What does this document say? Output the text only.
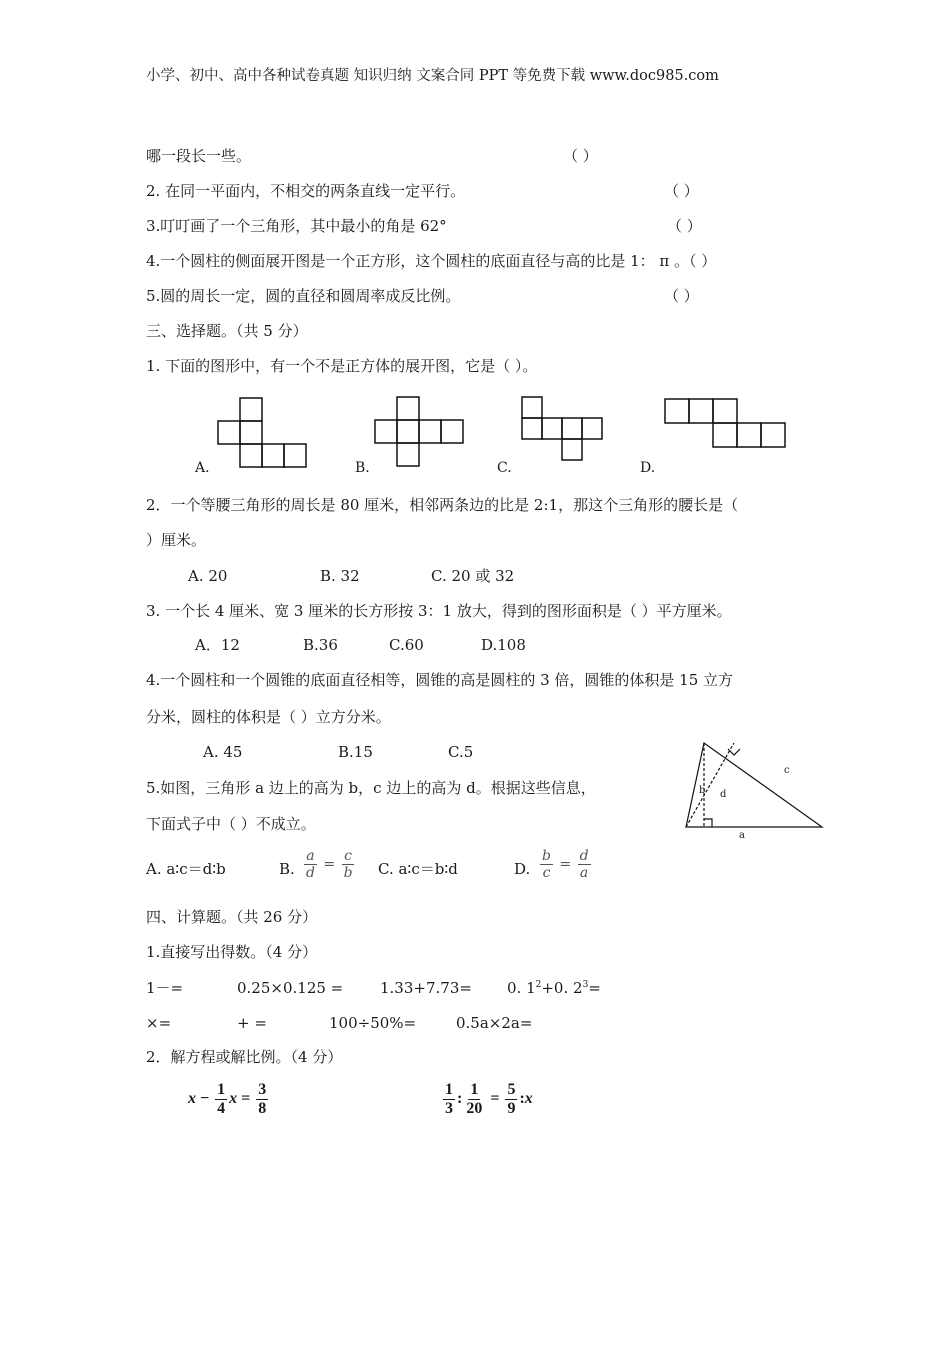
小学、初中、高中各种试卷真题 知识归纳 文案合同 PPT 等免费下载 www.doc985.com
哪一段长一些。	（ ）
2. 在同一平面内，不相交的两条直线一定平行。	（ ）
3.叮叮画了一个三角形，其中最小的角是 62°	（ ）
4.一个圆柱的侧面展开图是一个正方形，这个圆柱的底面直径与高的比是 1： π 。（ ）
5.圆的周长一定，圆的直径和圆周率成反比例。	（ ）
三、选择题。（共 5 分）
1. 下面的图形中，有一个不是正方体的展开图，它是（ ）。
A.	B.	C.	D.
2．一个等腰三角形的周长是 80 厘米，相邻两条边的比是 2:1，那这个三角形的腰长是（
）厘米。
A. 20	B. 32	C. 20 或 32
3. 一个长 4 厘米、宽 3 厘米的长方形按 3：1 放大，得到的图形面积是（ ）平方厘米。
A．12	B.36	C.60	D.108
4.一个圆柱和一个圆锥的底面直径相等，圆锥的高是圆柱的 3 倍，圆锥的体积是 15 立方
分米，圆柱的体积是（ ）立方分米。
A. 45	B.15	C.5
5.如图，三角形 a 边上的高为 b，c 边上的高为 d。根据这些信息，
下面式子中（ ）不成立。
b d
c
a
A. a∶c＝d∶b	B. $\frac{a}{d} = \frac{c}{b} C$. a∶c＝b∶d	D. $\frac{b}{c} = \frac{d}{a}$
四、计算题。（共 26 分）
1.直接写出得数。（4 分）
1－=	0.25×0.125 = 1.33+7.73= 0. $1^2+0$. $2^3=$
×=	+ =	100÷50%=	0.5a×2a=
2．解方程或解比例。（4 分）
$x - \frac{1}{4}$ $x = \frac{3}{8}$	$\frac{1}{3}$ : $\frac{1}{20} = \frac{5}{9}$ :x
